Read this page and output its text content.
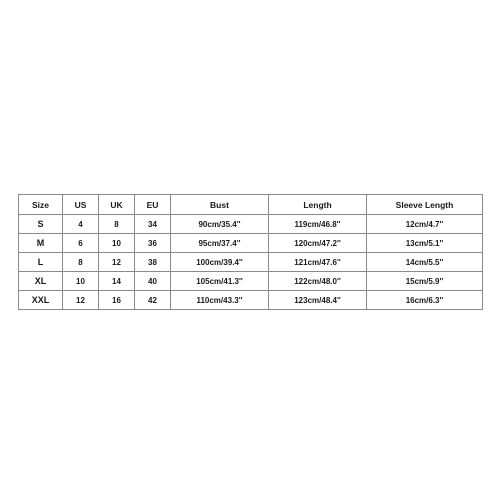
Size	US	UK	EU	Bust	Length	Sleeve Length
S	4	8	34	90cm/35.4''	119cm/46.8''	12cm/4.7''
M	6	10	36	95cm/37.4''	120cm/47.2''	13cm/5.1''
L	8	12	38	100cm/39.4''	121cm/47.6''	14cm/5.5''
XL	10	14	40	105cm/41.3''	122cm/48.0''	15cm/5.9''
XXL	12	16	42	110cm/43.3''	123cm/48.4''	16cm/6.3''
